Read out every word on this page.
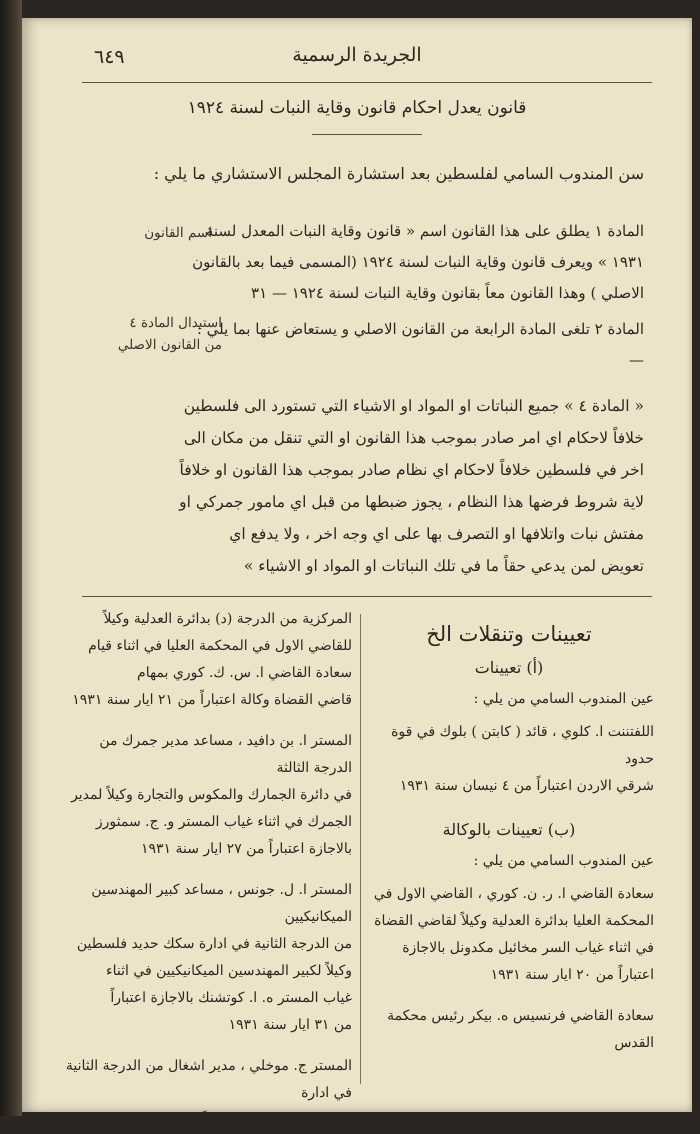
٦٤٩	الجريدة الرسمية
قانون يعدل احكام قانون وقاية النبات لسنة ١٩٢٤
سن المندوب السامي لفلسطين بعد استشارة المجلس الاستشاري ما يلي :
اسم القانون
المادة ١ يطلق على هذا القانون اسم « قانون وقاية النبات المعدل لسنة
١٩٣١ » ويعرف قانون وقاية النبات لسنة ١٩٢٤ (المسمى فيما بعد بالقانون
الاصلي ) وهذا القانون معاً بقانون وقاية النبات لسنة ١٩٢٤ — ٣١
استبدال المادة ٤
من القانون الاصلي
المادة ٢ تلغى المادة الرابعة من القانون الاصلي و يستعاض عنها بما يلي :—
« المادة ٤ » جميع النباتات او المواد او الاشياء التي تستورد الى فلسطين
خلافاً لاحكام اي امر صادر بموجب هذا القانون او التي تنقل من مكان الى
اخر في فلسطين خلافاً لاحكام اي نظام صادر بموجب هذا القانون او خلافاً
لاية شروط فرضها هذا النظام ، يجوز ضبطها من قبل اي مامور جمركي او
مفتش نبات واتلافها او التصرف بها على اي وجه اخر ، ولا يدفع اي
تعويض لمن يدعي حقاً ما في تلك النباتات او المواد او الاشياء »
تعيينات وتنقلات الخ
(أ) تعيينات
عين المندوب السامي من يلي :
اللفتننت ا. كلوي ، قائد ( كابتن ) بلوك في قوة حدود
شرقي الاردن اعتباراً من ٤ نيسان سنة ١٩٣١
(ب) تعيينات بالوكالة
عين المندوب السامي من يلي :
سعادة القاضي ا. ر. ن. كوري ، القاضي الاول في
المحكمة العليا بدائرة العدلية وكيلاً لقاضي القضاة
في اثناء غياب السر مخائيل مكدونل بالاجازة
اعتباراً من ٢٠ ايار سنة ١٩٣١
سعادة القاضي فرنسيس ه. بيكر رئيس محكمة القدس
المركزية من الدرجة (د) بدائرة العدلية وكيلاً
للقاضي الاول في المحكمة العليا في اثناء قيام
سعادة القاضي ا. س. ك. كوري بمهام
قاضي القضاة وكالة اعتباراً من ٢١ ايار سنة ١٩٣١
المستر ا. بن دافيد ، مساعد مدير جمرك من الدرجة الثالثة
في دائرة الجمارك والمكوس والتجارة وكيلاً لمدير
الجمرك في اثناء غياب المستر و. ج. سمثورز
بالاجازة اعتباراً من ٢٧ ايار سنة ١٩٣١
المستر ا. ل. جونس ، مساعد كبير المهندسين الميكانيكيين
من الدرجة الثانية في ادارة سكك حديد فلسطين
وكيلاً لكبير المهندسين الميكانيكيين في اثناء
غياب المستر ه. ا. كوتشنك بالاجازة اعتباراً
من ٣١ ايار سنة ١٩٣١
المستر ج. موخلي ، مدير اشغال من الدرجة الثانية في ادارة
سكك حديد فلسطين وكيلاً لمساعد كبير
